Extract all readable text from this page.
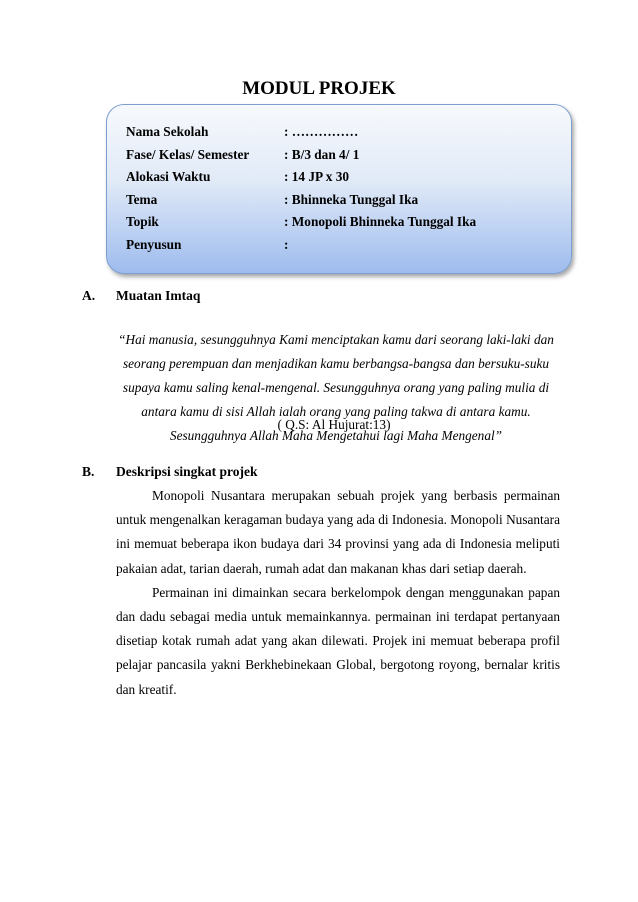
MODUL PROJEK
Nama Sekolah	: ……………
Fase/ Kelas/ Semester	: B/3 dan 4/ 1
Alokasi Waktu	: 14 JP x 30
Tema	: Bhinneka Tunggal Ika
Topik	: Monopoli Bhinneka Tunggal Ika
Penyusun	:
A. Muatan Imtaq
“Hai manusia, sesungguhnya Kami menciptakan kamu dari seorang laki-laki dan seorang perempuan dan menjadikan kamu berbangsa-bangsa dan bersuku-suku supaya kamu saling kenal-mengenal. Sesungguhnya orang yang paling mulia di antara kamu di sisi Allah ialah orang yang paling takwa di antara kamu. Sesungguhnya Allah Maha Mengetahui lagi Maha Mengenal”
( Q.S: Al Hujurat:13)
B. Deskripsi singkat projek

Monopoli Nusantara merupakan sebuah projek yang berbasis permainan untuk mengenalkan keragaman budaya yang ada di Indonesia. Monopoli Nusantara ini memuat beberapa ikon budaya dari 34 provinsi yang ada di Indonesia meliputi pakaian adat, tarian daerah, rumah adat dan makanan khas dari setiap daerah.

Permainan ini dimainkan secara berkelompok dengan menggunakan papan dan dadu sebagai media untuk memainkannya. permainan ini terdapat pertanyaan disetiap kotak rumah adat yang akan dilewati. Projek ini memuat beberapa profil pelajar pancasila yakni Berkhebinekaan Global, bergotong royong, bernalar kritis dan kreatif.
